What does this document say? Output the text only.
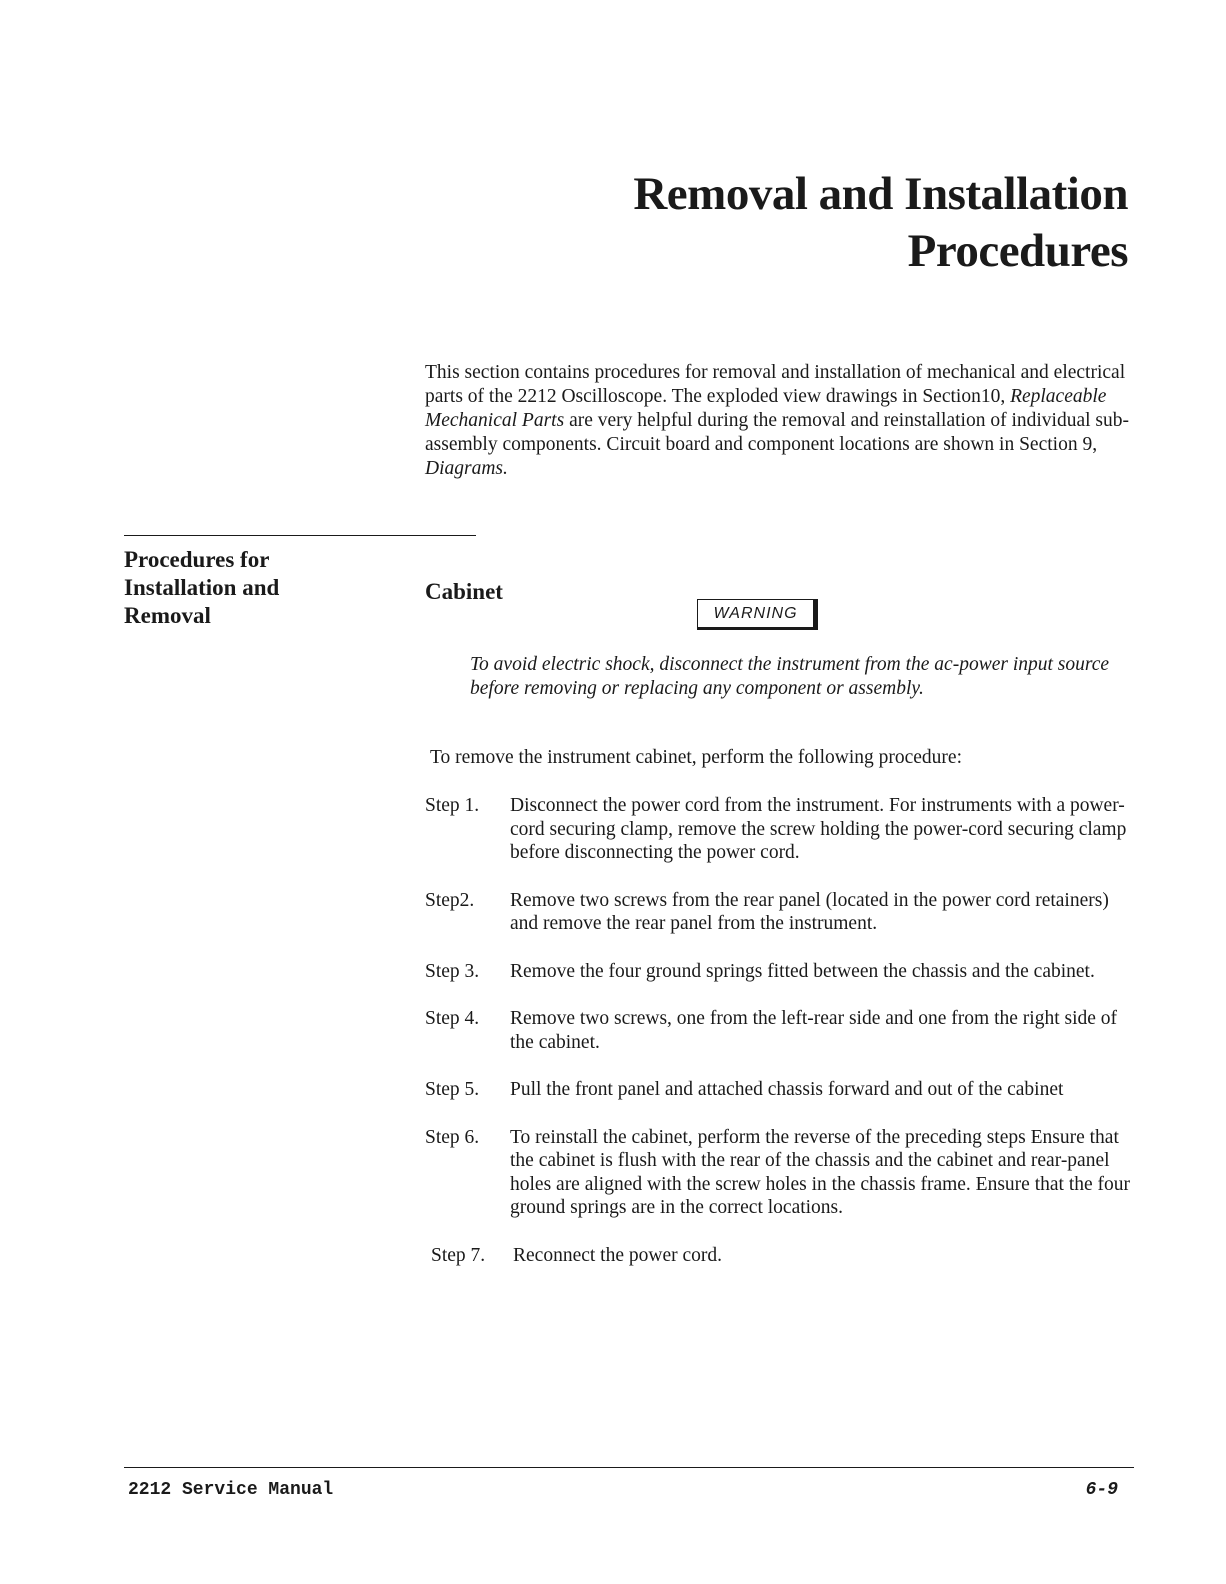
Removal and Installation
Procedures

This section contains procedures for removal and installation of mechanical and electrical parts of the 2212 Oscilloscope. The exploded view drawings in Section10, Replaceable Mechanical Parts are very helpful during the removal and reinstallation of individual sub-assembly components. Circuit board and component locations are shown in Section 9, Diagrams.

Procedures for
Installation and
Removal
Cabinet
WARNING

To avoid electric shock, disconnect the instrument from the ac-power input source before removing or replacing any component or assembly.

To remove the instrument cabinet, perform the following procedure:

Step 1.	Disconnect the power cord from the instrument. For instruments with a power-cord securing clamp, remove the screw holding the power-cord securing clamp before disconnecting the power cord.
Step2.	Remove two screws from the rear panel (located in the power cord retainers) and remove the rear panel from the instrument.
Step 3.	Remove the four ground springs fitted between the chassis and the cabinet.
Step 4.	Remove two screws, one from the left-rear side and one from the right side of the cabinet.
Step 5.	Pull the front panel and attached chassis forward and out of the cabinet
Step 6.	To reinstall the cabinet, perform the reverse of the preceding steps Ensure that the cabinet is flush with the rear of the chassis and the cabinet and rear-panel holes are aligned with the screw holes in the chassis frame. Ensure that the four ground springs are in the correct locations.
Step 7.	Reconnect the power cord.
2212 Service Manual	6-9
